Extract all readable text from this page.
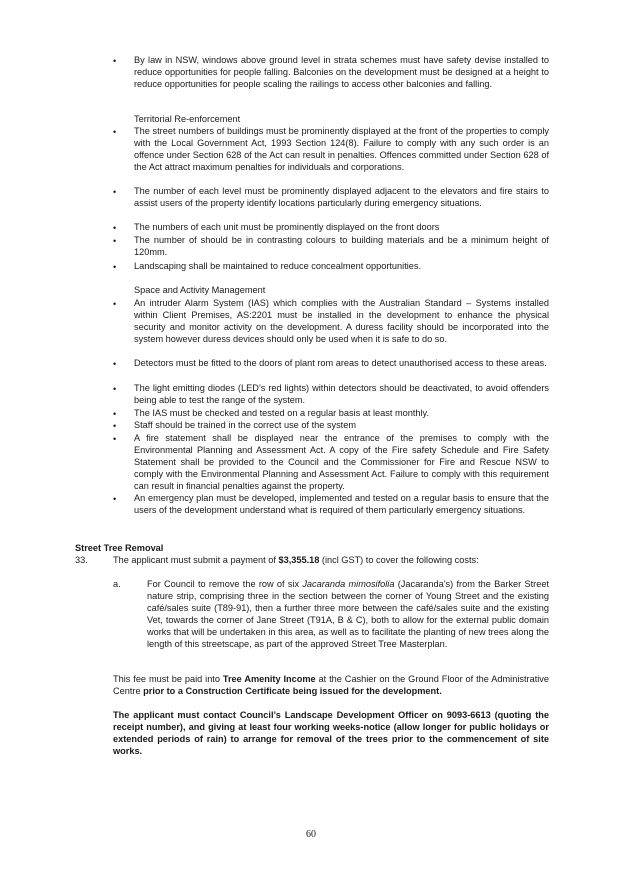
•	By law in NSW, windows above ground level in strata schemes must have safety devise installed to reduce opportunities for people falling. Balconies on the development must be designed at a height to reduce opportunities for people scaling the railings to access other balconies and falling.
Territorial Re-enforcement
•	The street numbers of buildings must be prominently displayed at the front of the properties to comply with the Local Government Act, 1993 Section 124(8). Failure to comply with any such order is an offence under Section 628 of the Act can result in penalties. Offences committed under Section 628 of the Act attract maximum penalties for individuals and corporations.
•	The number of each level must be prominently displayed adjacent to the elevators and fire stairs to assist users of the property identify locations particularly during emergency situations.
•	The numbers of each unit must be prominently displayed on the front doors
•	The number of should be in contrasting colours to building materials and be a minimum height of 120mm.
•	Landscaping shall be maintained to reduce concealment opportunities.
Space and Activity Management
•	An intruder Alarm System (IAS) which complies with the Australian Standard – Systems installed within Client Premises, AS:2201 must be installed in the development to enhance the physical security and monitor activity on the development. A duress facility should be incorporated into the system however duress devices should only be used when it is safe to do so.
•	Detectors must be fitted to the doors of plant rom areas to detect unauthorised access to these areas.
•	The light emitting diodes (LED’s red lights) within detectors should be deactivated, to avoid offenders being able to test the range of the system.
•	The IAS must be checked and tested on a regular basis at least monthly.
•	Staff should be trained in the correct use of the system
•	A fire statement shall be displayed near the entrance of the premises to comply with the Environmental Planning and Assessment Act. A copy of the Fire safety Schedule and Fire Safety Statement shall be provided to the Council and the Commissioner for Fire and Rescue NSW to comply with the Environmental Planning and Assessment Act. Failure to comply with this requirement can result in financial penalties against the property.
•	An emergency plan must be developed, implemented and tested on a regular basis to ensure that the users of the development understand what is required of them particularly emergency situations.
Street Tree Removal
33.	The applicant must submit a payment of $3,355.18 (incl GST) to cover the following costs:
a.	For Council to remove the row of six Jacaranda mimosifolia (Jacaranda’s) from the Barker Street nature strip, comprising three in the section between the corner of Young Street and the existing café/sales suite (T89-91), then a further three more between the café/sales suite and the existing Vet, towards the corner of Jane Street (T91A, B & C), both to allow for the external public domain works that will be undertaken in this area, as well as to facilitate the planting of new trees along the length of this streetscape, as part of the approved Street Tree Masterplan.
This fee must be paid into Tree Amenity Income at the Cashier on the Ground Floor of the Administrative Centre prior to a Construction Certificate being issued for the development.
The applicant must contact Council’s Landscape Development Officer on 9093-6613 (quoting the receipt number), and giving at least four working weeks-notice (allow longer for public holidays or extended periods of rain) to arrange for removal of the trees prior to the commencement of site works.
60
